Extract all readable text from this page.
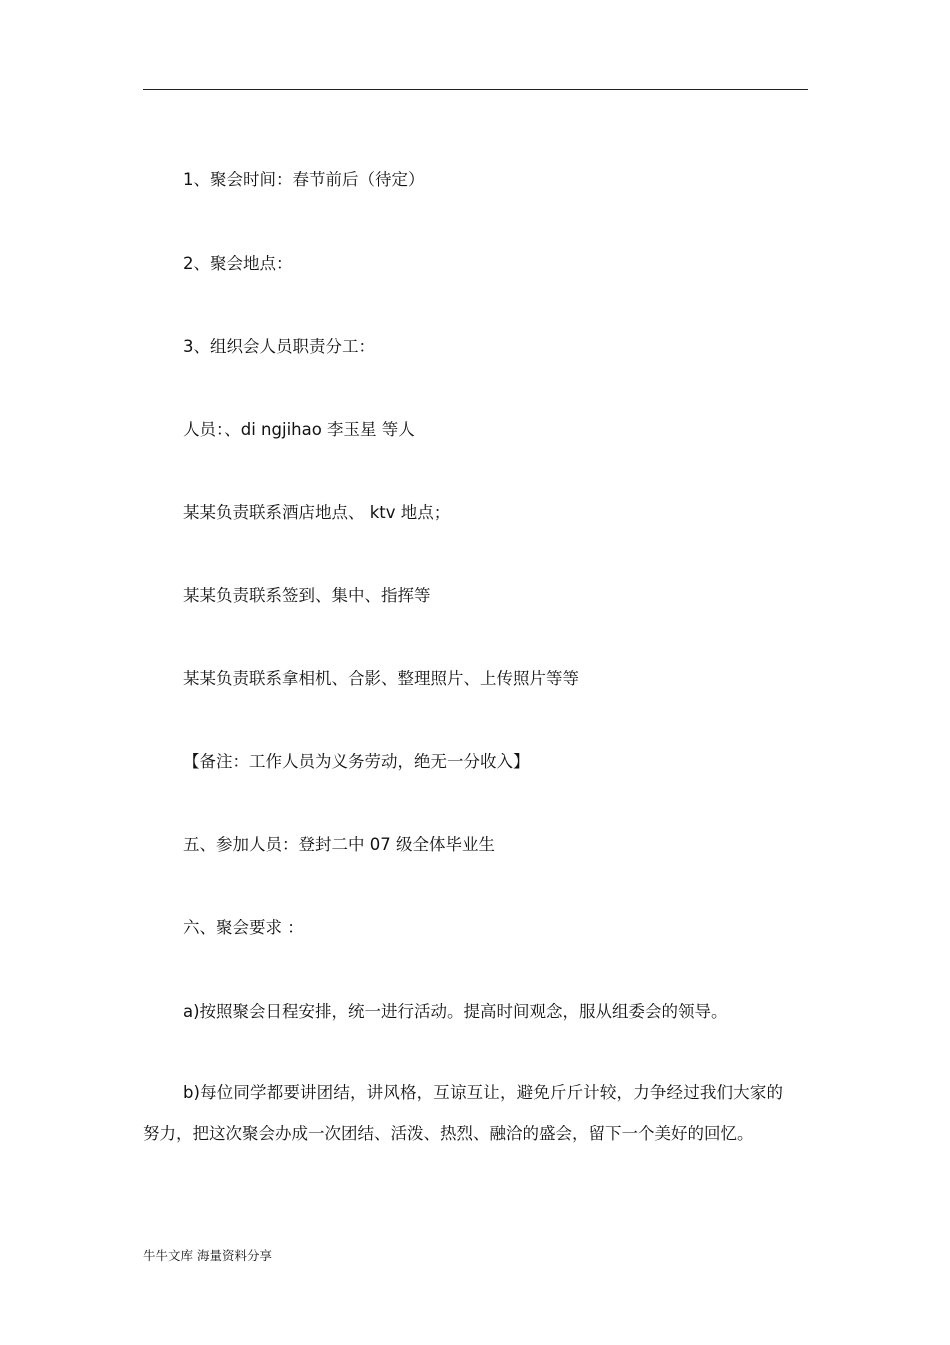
1、聚会时间：春节前后（待定）
2、聚会地点：
3、组织会人员职责分工：
人员：、di ngjihao 李玉星 等人
某某负责联系酒店地点、 ktv 地点；
某某负责联系签到、集中、指挥等
某某负责联系拿相机、合影、整理照片、上传照片等等
【备注：工作人员为义务劳动，绝无一分收入】
五、参加人员：登封二中 07 级全体毕业生
六、聚会要求 ：
a)按照聚会日程安排，统一进行活动。提高时间观念，服从组委会的领导。
b)每位同学都要讲团结，讲风格，互谅互让，避免斤斤计较，力争经过我们大家的努力，把这次聚会办成一次团结、活泼、热烈、融洽的盛会，留下一个美好的回忆。
牛牛文库 海量资料分享
